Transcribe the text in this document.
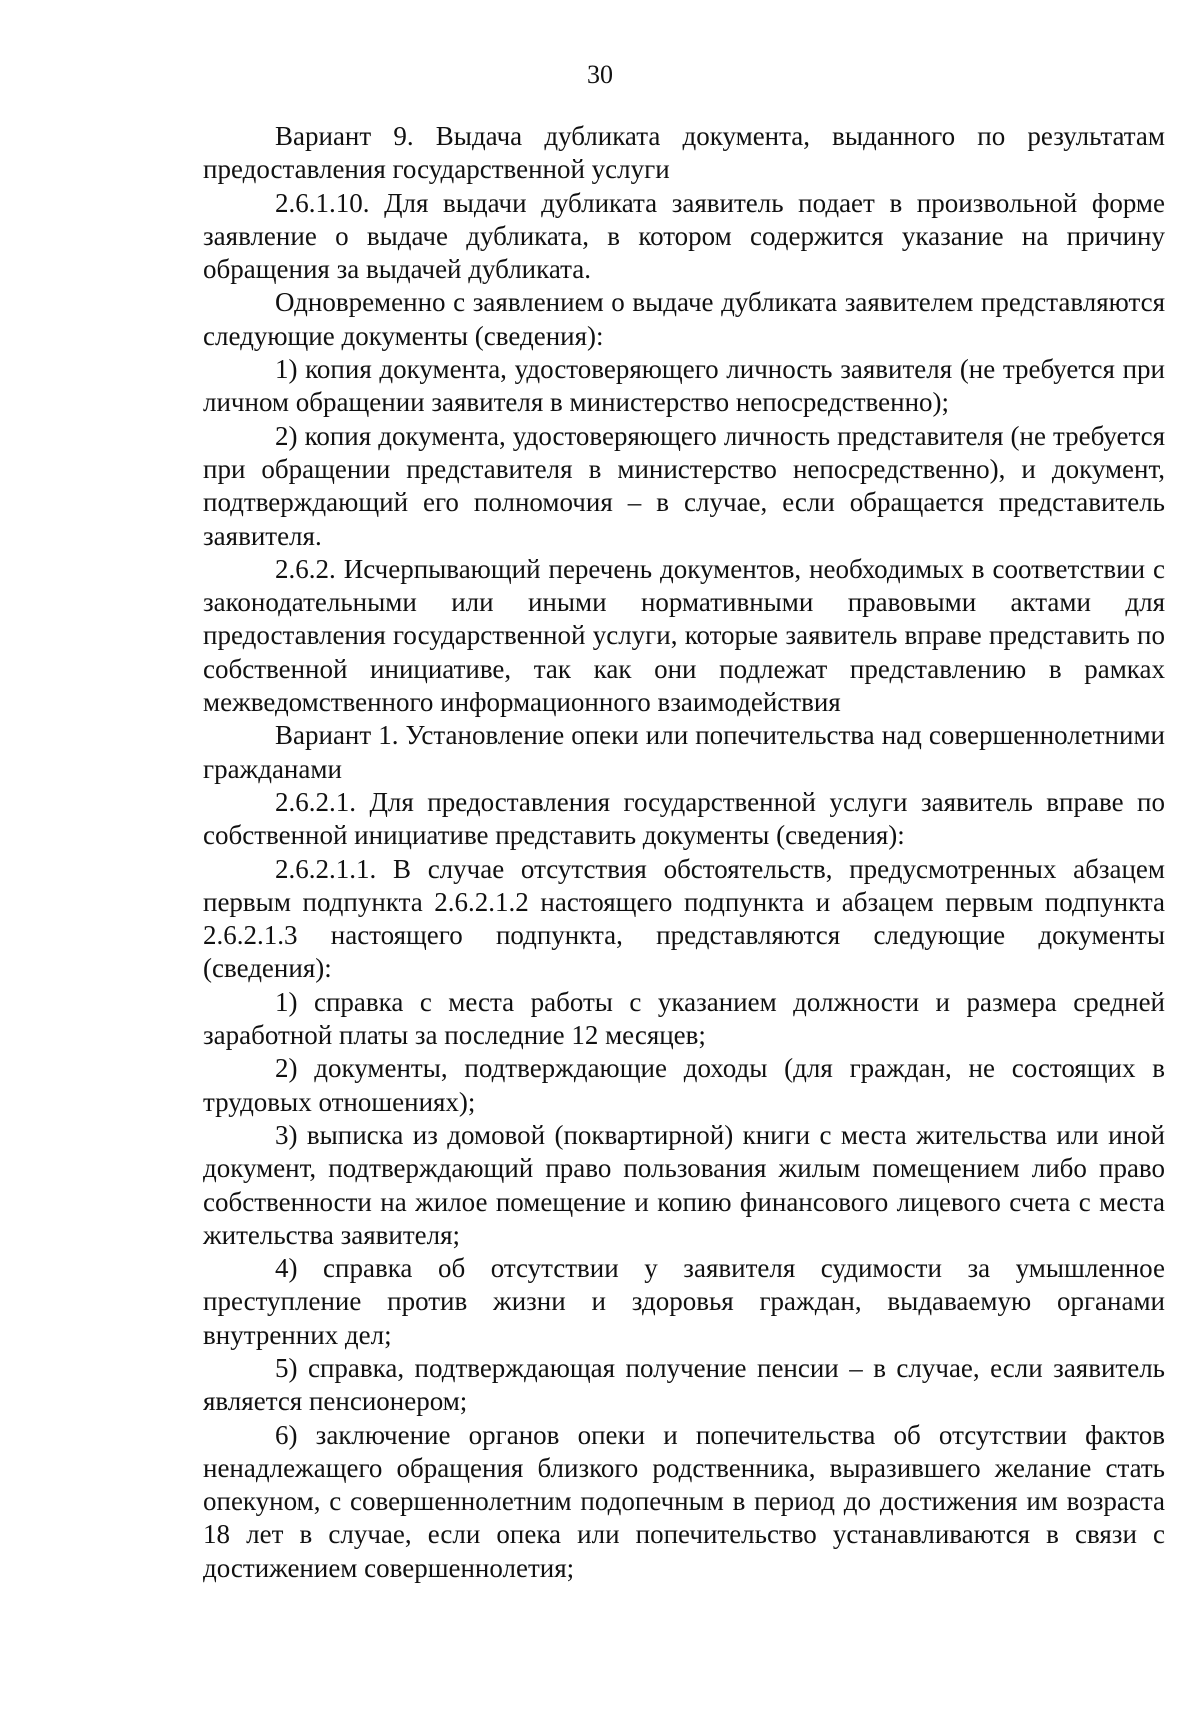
30

Вариант 9. Выдача дубликата документа, выданного по результатам предоставления государственной услуги

2.6.1.10. Для выдачи дубликата заявитель подает в произвольной форме заявление о выдаче дубликата, в котором содержится указание на причину обращения за выдачей дубликата.

Одновременно с заявлением о выдаче дубликата заявителем представляются следующие документы (сведения):

1) копия документа, удостоверяющего личность заявителя (не требуется при личном обращении заявителя в министерство непосредственно);

2) копия документа, удостоверяющего личность представителя (не требуется при обращении представителя в министерство непосредственно), и документ, подтверждающий его полномочия – в случае, если обращается представитель заявителя.

2.6.2. Исчерпывающий перечень документов, необходимых в соответствии с законодательными или иными нормативными правовыми актами для предоставления государственной услуги, которые заявитель вправе представить по собственной инициативе, так как они подлежат представлению в рамках межведомственного информационного взаимодействия

Вариант 1. Установление опеки или попечительства над совершеннолетними гражданами

2.6.2.1. Для предоставления государственной услуги заявитель вправе по собственной инициативе представить документы (сведения):

2.6.2.1.1. В случае отсутствия обстоятельств, предусмотренных абзацем первым подпункта 2.6.2.1.2 настоящего подпункта и абзацем первым подпункта 2.6.2.1.3 настоящего подпункта, представляются следующие документы (сведения):

1) справка с места работы с указанием должности и размера средней заработной платы за последние 12 месяцев;

2) документы, подтверждающие доходы (для граждан, не состоящих в трудовых отношениях);

3) выписка из домовой (поквартирной) книги с места жительства или иной документ, подтверждающий право пользования жилым помещением либо право собственности на жилое помещение и копию финансового лицевого счета с места жительства заявителя;

4) справка об отсутствии у заявителя судимости за умышленное преступление против жизни и здоровья граждан, выдаваемую органами внутренних дел;

5) справка, подтверждающая получение пенсии – в случае, если заявитель является пенсионером;

6) заключение органов опеки и попечительства об отсутствии фактов ненадлежащего обращения близкого родственника, выразившего желание стать опекуном, с совершеннолетним подопечным в период до достижения им возраста 18 лет в случае, если опека или попечительство устанавливаются в связи с достижением совершеннолетия;
